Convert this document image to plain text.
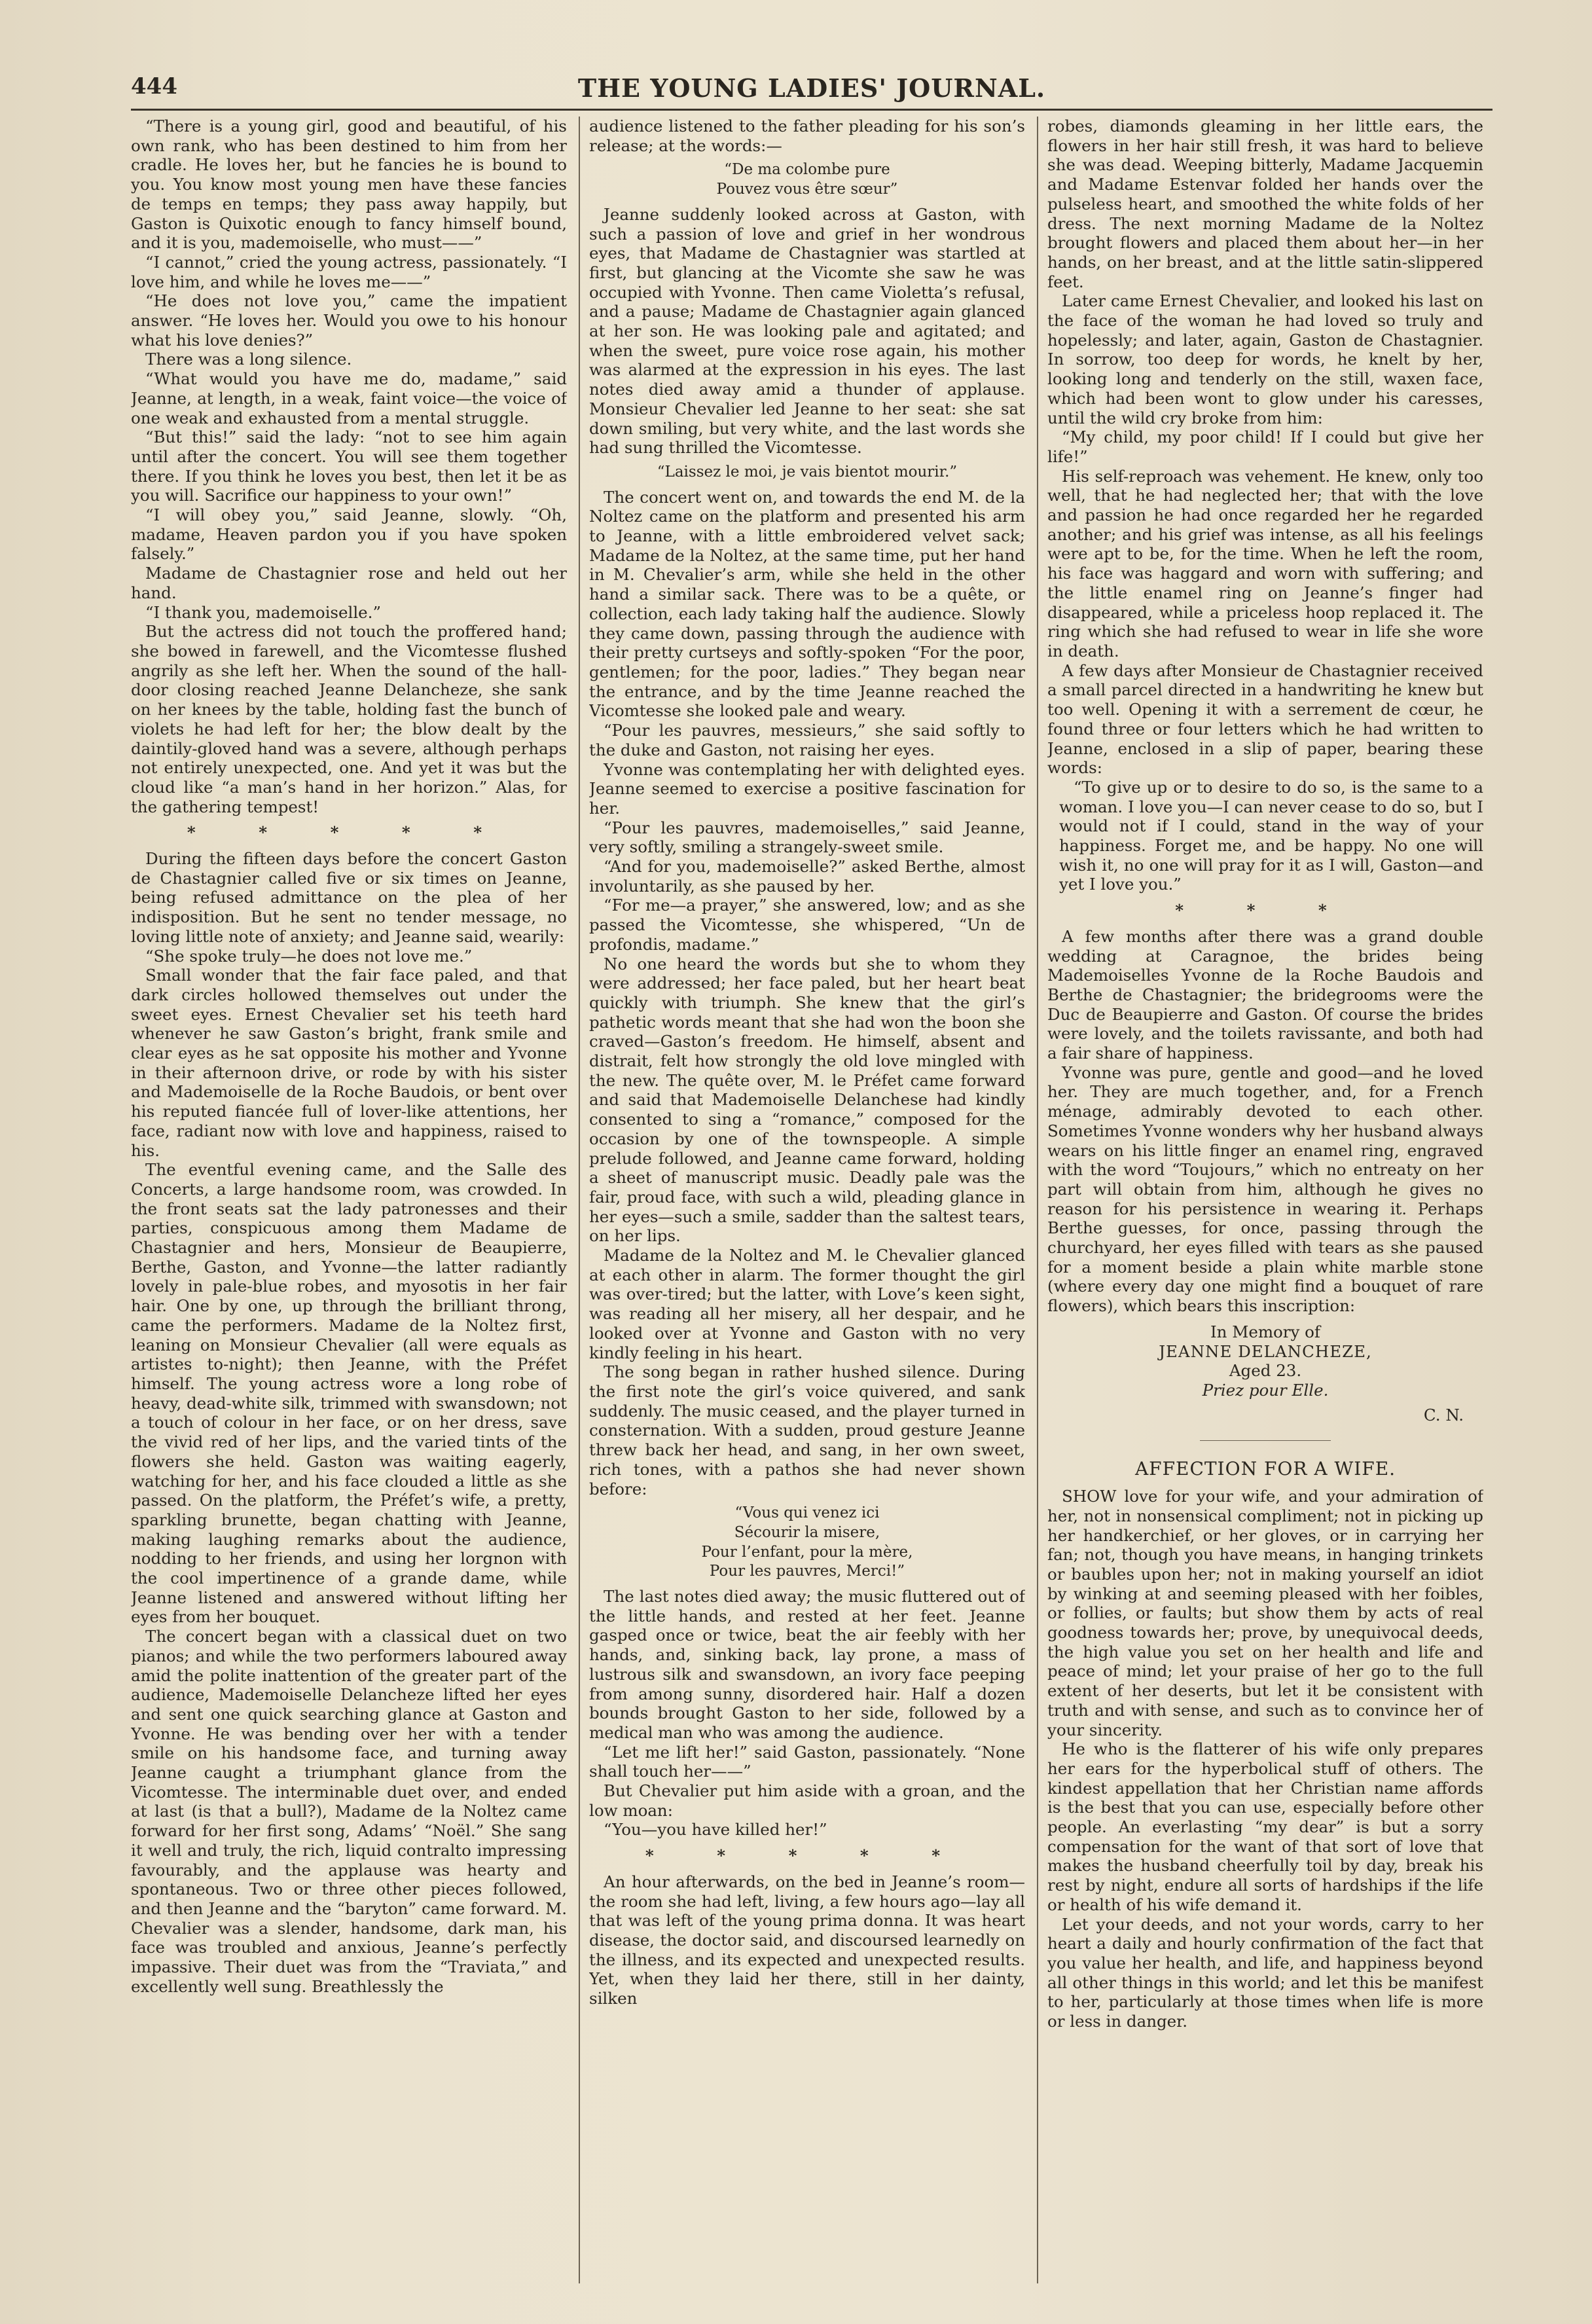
THE YOUNG LADIES' JOURNAL.
444

“There is a young girl, good and beautiful, of his own rank, who has been destined to him from her cradle. He loves her, but he fancies he is bound to you. You know most young men have these fancies de temps en temps; they pass away happily, but Gaston is Quixotic enough to fancy himself bound, and it is you, mademoiselle, who must——”

“I cannot,” cried the young actress, passionately. “I love him, and while he loves me——”

“He does not love you,” came the impatient answer. “He loves her. Would you owe to his honour what his love denies?”

There was a long silence.

“What would you have me do, madame,” said Jeanne, at length, in a weak, faint voice—the voice of one weak and exhausted from a mental struggle.

“But this!” said the lady: “not to see him again until after the concert. You will see them together there. If you think he loves you best, then let it be as you will. Sacrifice our happiness to your own!”

“I will obey you,” said Jeanne, slowly. “Oh, madame, Heaven pardon you if you have spoken falsely.”

Madame de Chastagnier rose and held out her hand.

“I thank you, mademoiselle.”

But the actress did not touch the proffered hand; she bowed in farewell, and the Vicomtesse flushed angrily as she left her. When the sound of the hall-door closing reached Jeanne Delancheze, she sank on her knees by the table, holding fast the bunch of violets he had left for her; the blow dealt by the daintily-gloved hand was a severe, although perhaps not entirely unexpected, one. And yet it was but the cloud like “a man’s hand in her horizon.” Alas, for the gathering tempest!

* * * * *

During the fifteen days before the concert Gaston de Chastagnier called five or six times on Jeanne, being refused admittance on the plea of her indisposition. But he sent no tender message, no loving little note of anxiety; and Jeanne said, wearily:

“She spoke truly—he does not love me.”

Small wonder that the fair face paled, and that dark circles hollowed themselves out under the sweet eyes. Ernest Chevalier set his teeth hard whenever he saw Gaston’s bright, frank smile and clear eyes as he sat opposite his mother and Yvonne in their afternoon drive, or rode by with his sister and Mademoiselle de la Roche Baudois, or bent over his reputed fiancée full of lover-like attentions, her face, radiant now with love and happiness, raised to his.

The eventful evening came, and the Salle des Concerts, a large handsome room, was crowded. In the front seats sat the lady patronesses and their parties, conspicuous among them Madame de Chastagnier and hers, Monsieur de Beaupierre, Berthe, Gaston, and Yvonne—the latter radiantly lovely in pale-blue robes, and myosotis in her fair hair. One by one, up through the brilliant throng, came the performers. Madame de la Noltez first, leaning on Monsieur Chevalier (all were equals as artistes to-night); then Jeanne, with the Préfet himself. The young actress wore a long robe of heavy, dead-white silk, trimmed with swansdown; not a touch of colour in her face, or on her dress, save the vivid red of her lips, and the varied tints of the flowers she held. Gaston was waiting eagerly, watching for her, and his face clouded a little as she passed. On the platform, the Préfet’s wife, a pretty, sparkling brunette, began chatting with Jeanne, making laughing remarks about the audience, nodding to her friends, and using her lorgnon with the cool impertinence of a grande dame, while Jeanne listened and answered without lifting her eyes from her bouquet.

The concert began with a classical duet on two pianos; and while the two performers laboured away amid the polite inattention of the greater part of the audience, Mademoiselle Delancheze lifted her eyes and sent one quick searching glance at Gaston and Yvonne. He was bending over her with a tender smile on his handsome face, and turning away Jeanne caught a triumphant glance from the Vicomtesse. The interminable duet over, and ended at last (is that a bull?), Madame de la Noltez came forward for her first song, Adams’ “Noël.” She sang it well and truly, the rich, liquid contralto impressing favourably, and the applause was hearty and spontaneous. Two or three other pieces followed, and then Jeanne and the “baryton” came forward. M. Chevalier was a slender, handsome, dark man, his face was troubled and anxious, Jeanne’s perfectly impassive. Their duet was from the “Traviata,” and excellently well sung. Breathlessly the

audience listened to the father pleading for his son’s release; at the words:—

“De ma colombe pure
Pouvez vous être sœur”

Jeanne suddenly looked across at Gaston, with such a passion of love and grief in her wondrous eyes, that Madame de Chastagnier was startled at first, but glancing at the Vicomte she saw he was occupied with Yvonne. Then came Violetta’s refusal, and a pause; Madame de Chastagnier again glanced at her son. He was looking pale and agitated; and when the sweet, pure voice rose again, his mother was alarmed at the expression in his eyes. The last notes died away amid a thunder of applause. Monsieur Chevalier led Jeanne to her seat: she sat down smiling, but very white, and the last words she had sung thrilled the Vicomtesse.

“Laissez le moi, je vais bientot mourir.”

The concert went on, and towards the end M. de la Noltez came on the platform and presented his arm to Jeanne, with a little embroidered velvet sack; Madame de la Noltez, at the same time, put her hand in M. Chevalier’s arm, while she held in the other hand a similar sack. There was to be a quête, or collection, each lady taking half the audience. Slowly they came down, passing through the audience with their pretty curtseys and softly-spoken “For the poor, gentlemen; for the poor, ladies.” They began near the entrance, and by the time Jeanne reached the Vicomtesse she looked pale and weary.

“Pour les pauvres, messieurs,” she said softly to the duke and Gaston, not raising her eyes.

Yvonne was contemplating her with delighted eyes. Jeanne seemed to exercise a positive fascination for her.

“Pour les pauvres, mademoiselles,” said Jeanne, very softly, smiling a strangely-sweet smile.

“And for you, mademoiselle?” asked Berthe, almost involuntarily, as she paused by her.

“For me—a prayer,” she answered, low; and as she passed the Vicomtesse, she whispered, “Un de profondis, madame.”

No one heard the words but she to whom they were addressed; her face paled, but her heart beat quickly with triumph. She knew that the girl’s pathetic words meant that she had won the boon she craved—Gaston’s freedom. He himself, absent and distrait, felt how strongly the old love mingled with the new. The quête over, M. le Préfet came forward and said that Mademoiselle Delanchese had kindly consented to sing a “romance,” composed for the occasion by one of the townspeople. A simple prelude followed, and Jeanne came forward, holding a sheet of manuscript music. Deadly pale was the fair, proud face, with such a wild, pleading glance in her eyes—such a smile, sadder than the saltest tears, on her lips.

Madame de la Noltez and M. le Chevalier glanced at each other in alarm. The former thought the girl was over-tired; but the latter, with Love’s keen sight, was reading all her misery, all her despair, and he looked over at Yvonne and Gaston with no very kindly feeling in his heart.

The song began in rather hushed silence. During the first note the girl’s voice quivered, and sank suddenly. The music ceased, and the player turned in consternation. With a sudden, proud gesture Jeanne threw back her head, and sang, in her own sweet, rich tones, with a pathos she had never shown before:

“Vous qui venez ici
Sécourir la misere,
Pour l’enfant, pour la mère,
Pour les pauvres, Merci!”

The last notes died away; the music fluttered out of the little hands, and rested at her feet. Jeanne gasped once or twice, beat the air feebly with her hands, and, sinking back, lay prone, a mass of lustrous silk and swansdown, an ivory face peeping from among sunny, disordered hair. Half a dozen bounds brought Gaston to her side, followed by a medical man who was among the audience.

“Let me lift her!” said Gaston, passionately. “None shall touch her——”

But Chevalier put him aside with a groan, and the low moan:

“You—you have killed her!”

* * * * *

An hour afterwards, on the bed in Jeanne’s room—the room she had left, living, a few hours ago—lay all that was left of the young prima donna. It was heart disease, the doctor said, and discoursed learnedly on the illness, and its expected and unexpected results. Yet, when they laid her there, still in her dainty, silken

robes, diamonds gleaming in her little ears, the flowers in her hair still fresh, it was hard to believe she was dead. Weeping bitterly, Madame Jacquemin and Madame Estenvar folded her hands over the pulseless heart, and smoothed the white folds of her dress. The next morning Madame de la Noltez brought flowers and placed them about her—in her hands, on her breast, and at the little satin-slippered feet.

Later came Ernest Chevalier, and looked his last on the face of the woman he had loved so truly and hopelessly; and later, again, Gaston de Chastagnier. In sorrow, too deep for words, he knelt by her, looking long and tenderly on the still, waxen face, which had been wont to glow under his caresses, until the wild cry broke from him:

“My child, my poor child! If I could but give her life!”

His self-reproach was vehement. He knew, only too well, that he had neglected her; that with the love and passion he had once regarded her he regarded another; and his grief was intense, as all his feelings were apt to be, for the time. When he left the room, his face was haggard and worn with suffering; and the little enamel ring on Jeanne’s finger had disappeared, while a priceless hoop replaced it. The ring which she had refused to wear in life she wore in death.

A few days after Monsieur de Chastagnier received a small parcel directed in a handwriting he knew but too well. Opening it with a serrement de cœur, he found three or four letters which he had written to Jeanne, enclosed in a slip of paper, bearing these words:

“To give up or to desire to do so, is the same to a woman. I love you—I can never cease to do so, but I would not if I could, stand in the way of your happiness. Forget me, and be happy. No one will wish it, no one will pray for it as I will, Gaston—and yet I love you.”

* * *

A few months after there was a grand double wedding at Caragnoe, the brides being Mademoiselles Yvonne de la Roche Baudois and Berthe de Chastagnier; the bridegrooms were the Duc de Beaupierre and Gaston. Of course the brides were lovely, and the toilets ravissante, and both had a fair share of happiness.

Yvonne was pure, gentle and good—and he loved her. They are much together, and, for a French ménage, admirably devoted to each other. Sometimes Yvonne wonders why her husband always wears on his little finger an enamel ring, engraved with the word “Toujours,” which no entreaty on her part will obtain from him, although he gives no reason for his persistence in wearing it. Perhaps Berthe guesses, for once, passing through the churchyard, her eyes filled with tears as she paused for a moment beside a plain white marble stone (where every day one might find a bouquet of rare flowers), which bears this inscription:

In Memory of
JEANNE DELANCHEZE,
Aged 23.
Priez pour Elle.
C. N.
AFFECTION FOR A WIFE.

SHOW love for your wife, and your admiration of her, not in nonsensical compliment; not in picking up her handkerchief, or her gloves, or in carrying her fan; not, though you have means, in hanging trinkets or baubles upon her; not in making yourself an idiot by winking at and seeming pleased with her foibles, or follies, or faults; but show them by acts of real goodness towards her; prove, by unequivocal deeds, the high value you set on her health and life and peace of mind; let your praise of her go to the full extent of her deserts, but let it be consistent with truth and with sense, and such as to convince her of your sincerity.

He who is the flatterer of his wife only prepares her ears for the hyperbolical stuff of others. The kindest appellation that her Christian name affords is the best that you can use, especially before other people. An everlasting “my dear” is but a sorry compensation for the want of that sort of love that makes the husband cheerfully toil by day, break his rest by night, endure all sorts of hardships if the life or health of his wife demand it.

Let your deeds, and not your words, carry to her heart a daily and hourly confirmation of the fact that you value her health, and life, and happiness beyond all other things in this world; and let this be manifest to her, particularly at those times when life is more or less in danger.
